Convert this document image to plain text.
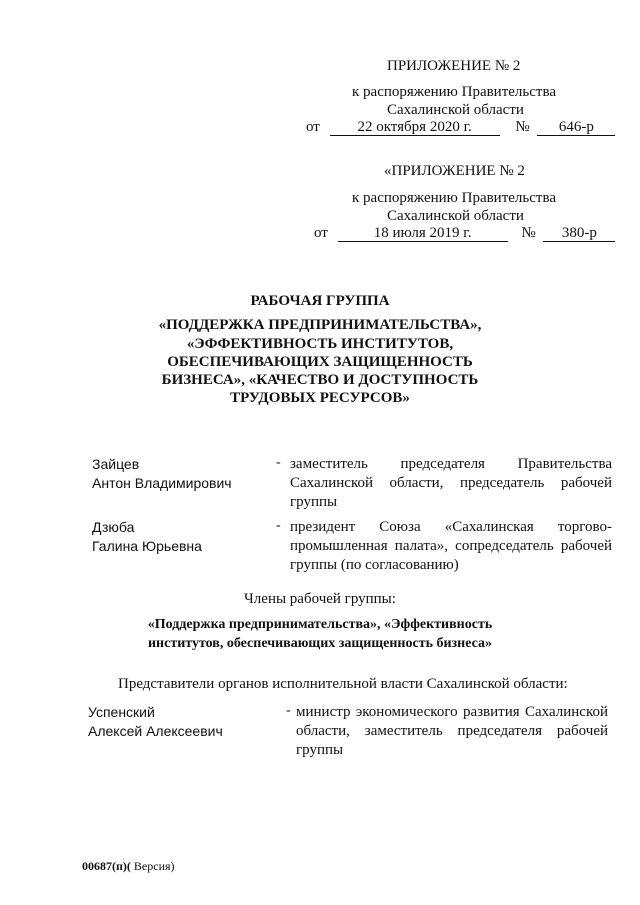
ПРИЛОЖЕНИЕ № 2
к распоряжению Правительства
Сахалинской области
от	22 октября 2020 г.	№ 646-р
«ПРИЛОЖЕНИЕ № 2
к распоряжению Правительства
Сахалинской области
от	18 июля 2019 г.	№ 380-р
РАБОЧАЯ ГРУППА
«ПОДДЕРЖКА ПРЕДПРИНИМАТЕЛЬСТВА»,
«ЭФФЕКТИВНОСТЬ ИНСТИТУТОВ,
ОБЕСПЕЧИВАЮЩИХ ЗАЩИЩЕННОСТЬ
БИЗНЕСА», «КАЧЕСТВО И ДОСТУПНОСТЬ
ТРУДОВЫХ РЕСУРСОВ»
Зайцев
Антон Владимирович
- заместитель председателя Правительства Сахалинской области, председатель рабочей группы
Дзюба
Галина Юрьевна
- президент Союза «Сахалинская торгово-промышленная палата», сопредседатель рабочей группы (по согласованию)
Члены рабочей группы:
«Поддержка предпринимательства», «Эффективность
институтов, обеспечивающих защищенность бизнеса»
Представители органов исполнительной власти Сахалинской области:
Успенский
Алексей Алексеевич
- министр экономического развития Сахалинской области, заместитель председателя рабочей группы
00687(п)( Версия)
